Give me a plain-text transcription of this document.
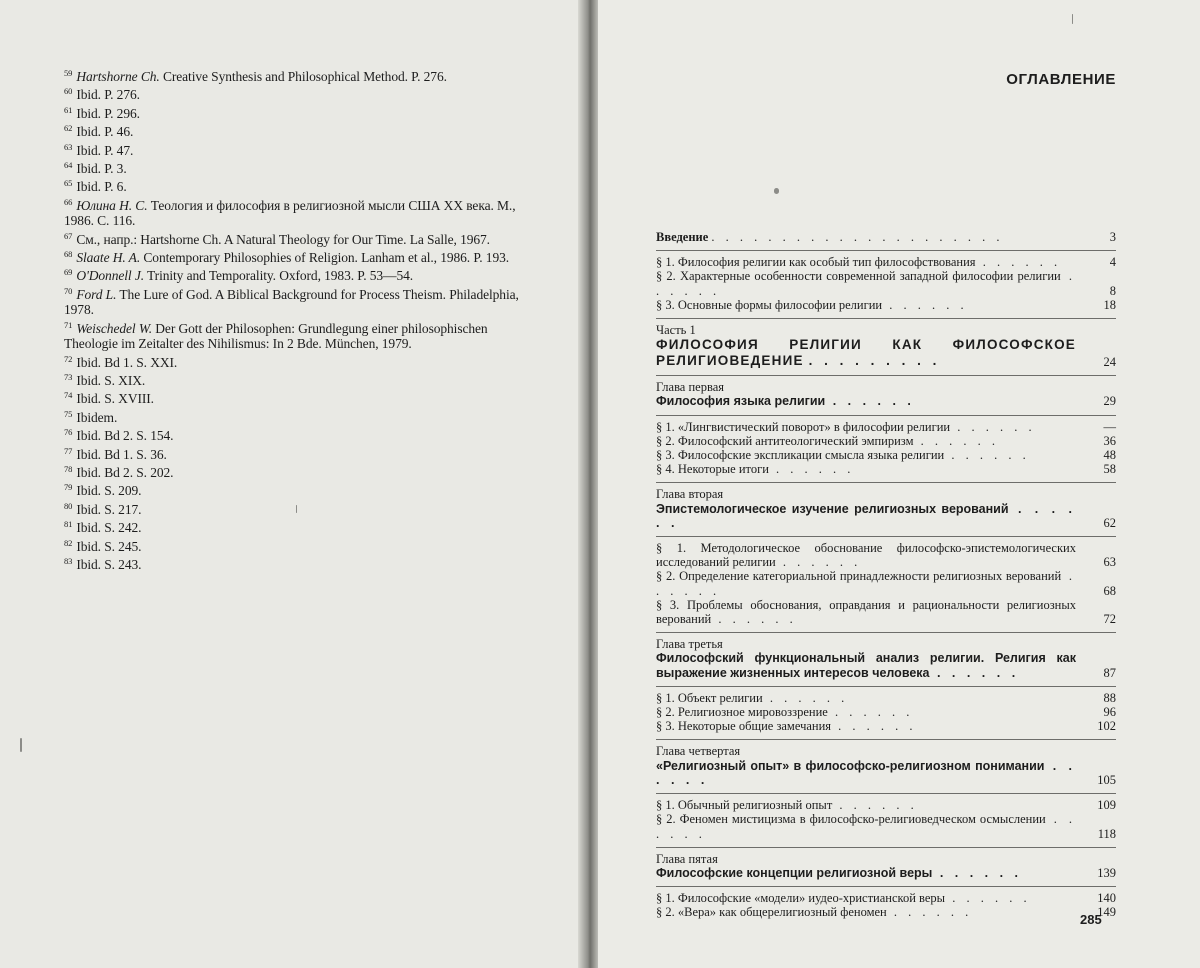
$^{59}$ Hartshorne Ch. Creative Synthesis and Philosophical Method. P. 276.

$^{60}$ Ibid. P. 276.

$^{61}$ Ibid. P. 296.

$^{62}$ Ibid. P. 46.

$^{63}$ Ibid. P. 47.

$^{64}$ Ibid. P. 3.

$^{65}$ Ibid. P. 6.

$^{66}$ Юлина Н. С. Теология и философия в религиозной мысли США XX века. М., 1986. С. 116.

$^{67}$ См., напр.: Hartshorne Ch. A Natural Theology for Our Time. La Salle, 1967.

$^{68}$ Slaate H. A. Contemporary Philosophies of Religion. Lanham et al., 1986. P. 193.

$^{69}$ O'Donnell J. Trinity and Temporality. Oxford, 1983. P. 53—54.

$^{70}$ Ford L. The Lure of God. A Biblical Background for Process Theism. Philadelphia, 1978.

$^{71}$ Weischedel W. Der Gott der Philosophen: Grundlegung einer philosophischen Theologie im Zeitalter des Nihilismus: In 2 Bde. München, 1979.

$^{72}$ Ibid. Bd 1. S. XXI.

$^{73}$ Ibid. S. XIX.

$^{74}$ Ibid. S. XVIII.

$^{75}$ Ibidem.

$^{76}$ Ibid. Bd 2. S. 154.

$^{77}$ Ibid. Bd 1. S. 36.

$^{78}$ Ibid. Bd 2. S. 202.

$^{79}$ Ibid. S. 209.

$^{80}$ Ibid. S. 217.

$^{81}$ Ibid. S. 242.

$^{82}$ Ibid. S. 245.

$^{83}$ Ibid. S. 243.

ОГЛАВЛЕНИЕ
Введение . . . . . . . . . . . . . . . . . . . . .	3
§ 1. Философия религии как особый тип философствования . . . . . .	4
§ 2. Характерные особенности современной западной философии религии . . . . . .	8
§ 3. Основные формы философии религии . . . . . .	18
Часть 1
ФИЛОСОФИЯ РЕЛИГИИ КАК ФИЛОСОФСКОЕ РЕЛИГИОВЕДЕНИЕ . . . . . . . . .	24
Глава первая
Философия языка религии . . . . . .	29
§ 1. «Лингвистический поворот» в философии религии . . . . . .	—
§ 2. Философский антитеологический эмпиризм . . . . . .	36
§ 3. Философские экспликации смысла языка религии . . . . . .	48
§ 4. Некоторые итоги . . . . . .	58
Глава вторая
Эпистемологическое изучение религиозных верований . . . . . .	62
§ 1. Методологическое обоснование философско-эпистемологических исследований религии . . . . . .	63
§ 2. Определение категориальной принадлежности религиозных верований . . . . . .	68
§ 3. Проблемы обоснования, оправдания и рациональности религиозных верований . . . . . .	72
Глава третья
Философский функциональный анализ религии. Религия как выражение жизненных интересов человека . . . . . .	87
§ 1. Объект религии . . . . . .	88
§ 2. Религиозное мировоззрение . . . . . .	96
§ 3. Некоторые общие замечания . . . . . .	102
Глава четвертая
«Религиозный опыт» в философско-религиозном понимании . . . . . .	105
§ 1. Обычный религиозный опыт . . . . . .	109
§ 2. Феномен мистицизма в философско-религиоведческом осмыслении . . . . . .	118
Глава пятая
Философские концепции религиозной веры . . . . . .	139
§ 1. Философские «модели» иудео-христианской веры . . . . . .	140
§ 2. «Вера» как общерелигиозный феномен . . . . . .	149
285
